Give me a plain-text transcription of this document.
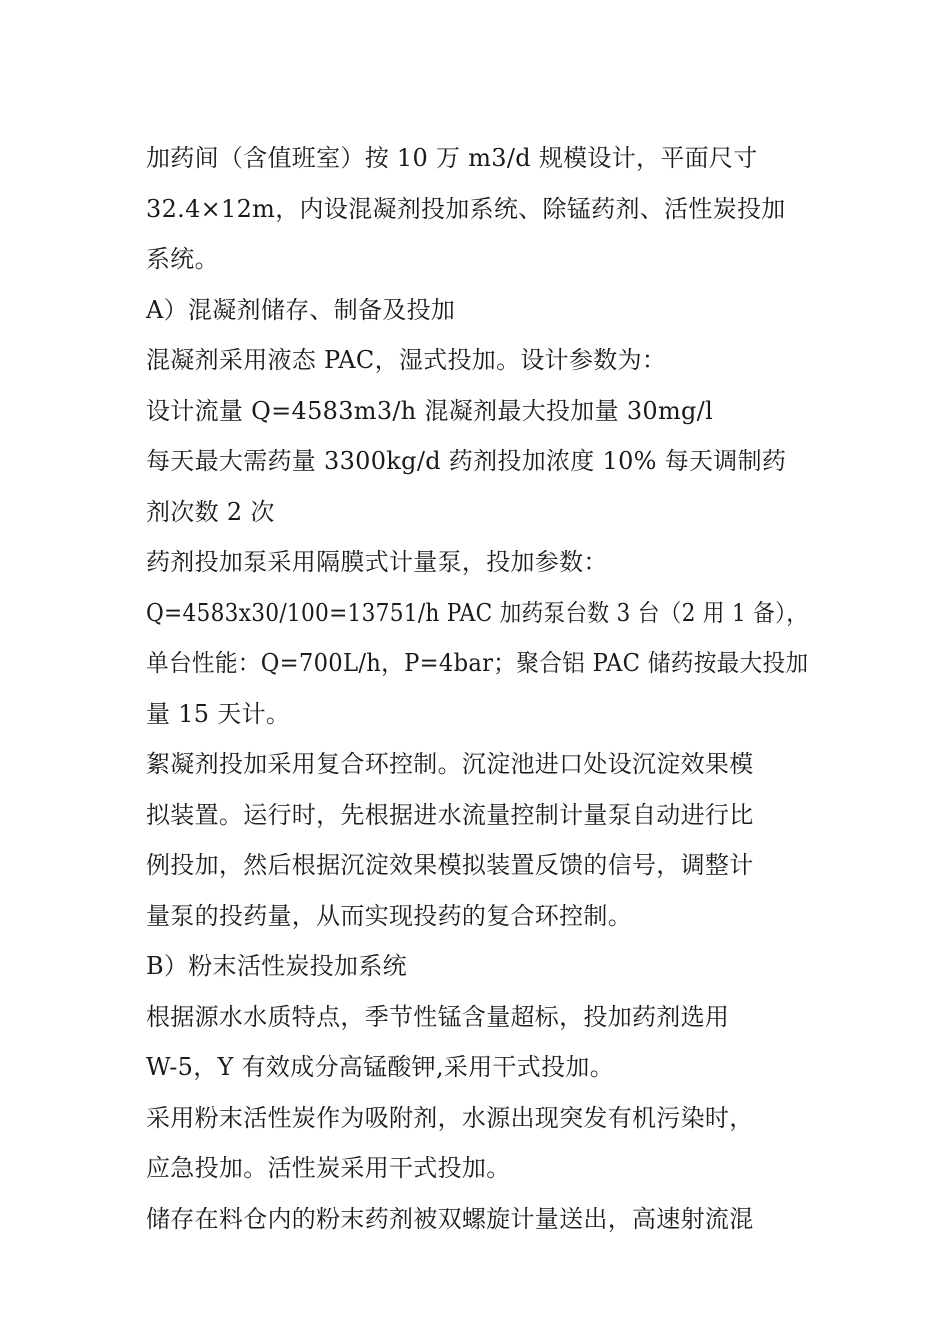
加药间（含值班室）按 10 万 m3/d 规模设计，平面尺寸
32.4×12m，内设混凝剂投加系统、除锰药剂、活性炭投加
系统。

A）混凝剂储存、制备及投加

混凝剂采用液态 PAC，湿式投加。设计参数为：

设计流量 Q=4583m3/h 混凝剂最大投加量 30mg/l

每天最大需药量 3300kg/d 药剂投加浓度 10% 每天调制药
剂次数 2 次

药剂投加泵采用隔膜式计量泵，投加参数：

Q=4583x30/100=13751/h PAC 加药泵台数 3 台（2 用 1 备），
单台性能：Q=700L/h，P=4bar；聚合铝 PAC 储药按最大投加
量 15 天计。

絮凝剂投加采用复合环控制。沉淀池进口处设沉淀效果模
拟装置。运行时，先根据进水流量控制计量泵自动进行比
例投加，然后根据沉淀效果模拟装置反馈的信号，调整计
量泵的投药量，从而实现投药的复合环控制。

B）粉末活性炭投加系统

根据源水水质特点，季节性锰含量超标，投加药剂选用
W-5，Y 有效成分高锰酸钾,采用干式投加。

采用粉末活性炭作为吸附剂，水源出现突发有机污染时，
应急投加。活性炭采用干式投加。

储存在料仓内的粉末药剂被双螺旋计量送出，高速射流混
